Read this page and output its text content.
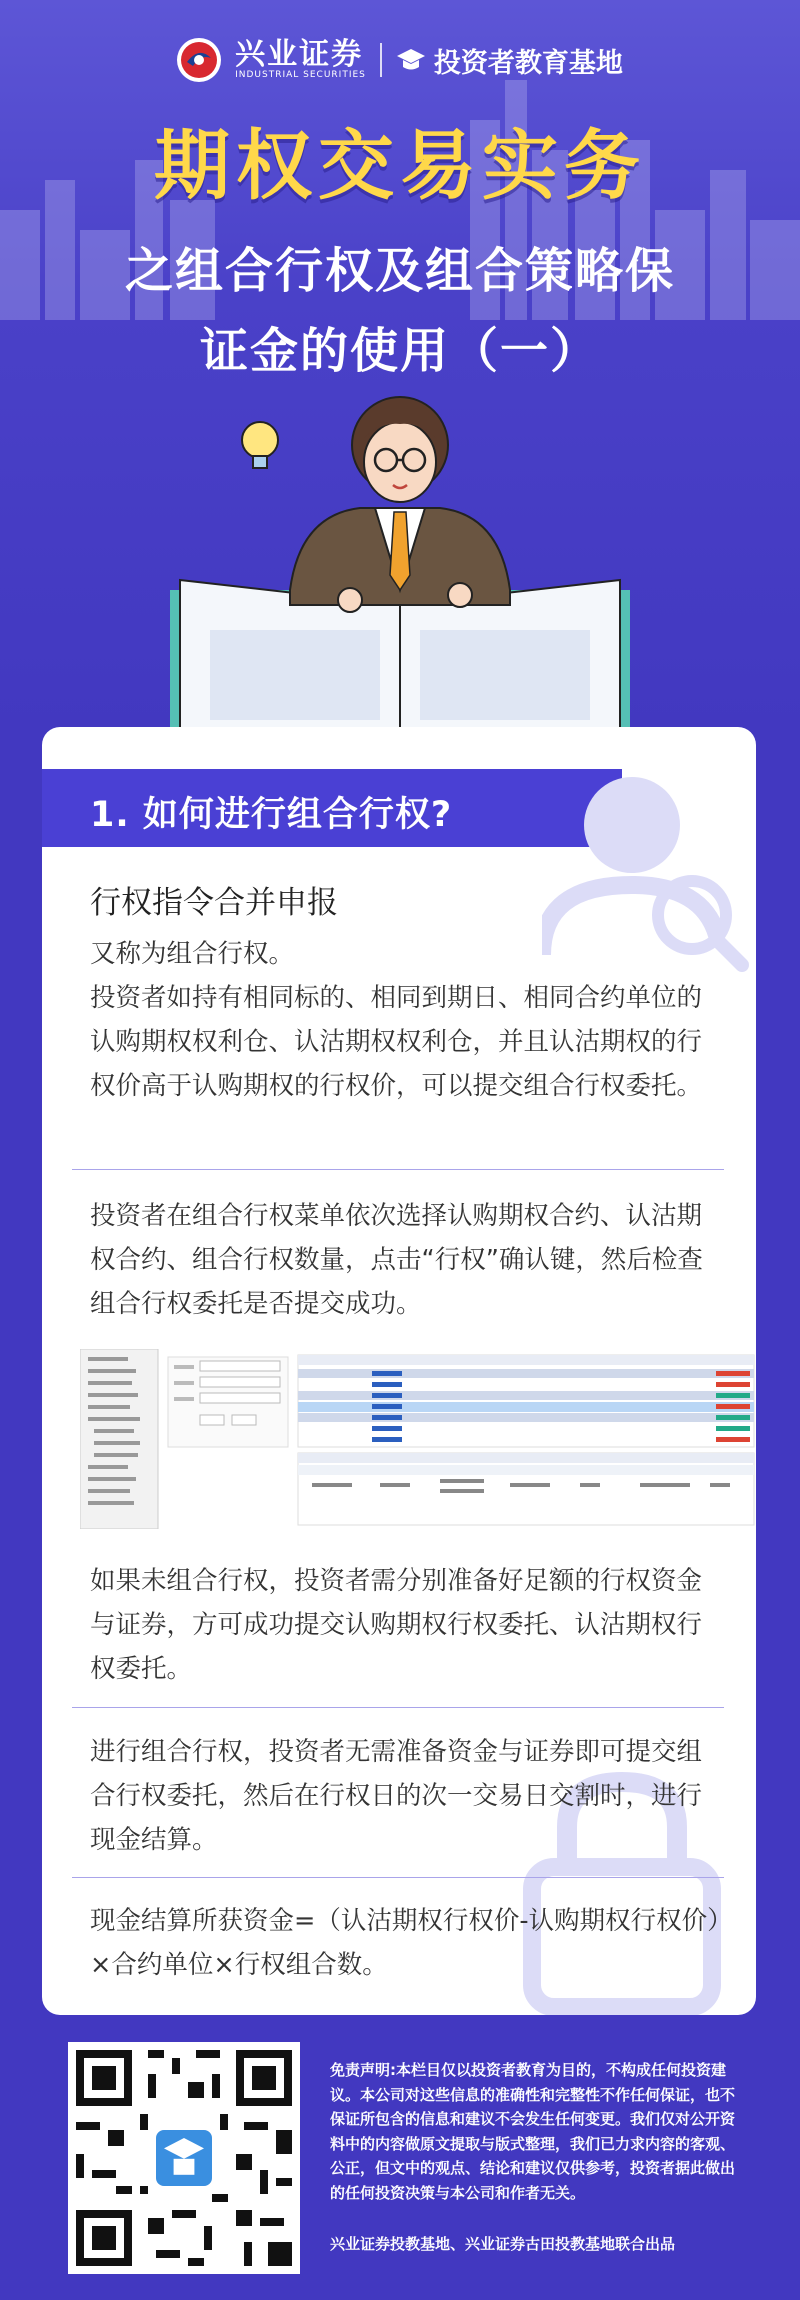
兴业证券
INDUSTRIAL SECURITIES	投资者教育基地
期权交易实务
之组合行权及组合策略保
证金的使用（一）
1. 如何进行组合行权?
行权指令合并申报
又称为组合行权。
投资者如持有相同标的、相同到期日、相同合约单位的认购期权权利仓、认沽期权权利仓，并且认沽期权的行权价高于认购期权的行权价，可以提交组合行权委托。
投资者在组合行权菜单依次选择认购期权合约、认沽期权合约、组合行权数量，点击“行权”确认键，然后检查组合行权委托是否提交成功。
如果未组合行权，投资者需分别准备好足额的行权资金与证券，方可成功提交认购期权行权委托、认沽期权行权委托。
进行组合行权，投资者无需准备资金与证券即可提交组合行权委托，然后在行权日的次一交易日交割时，进行现金结算。
现金结算所获资金=（认沽期权行权价-认购期权行权价）×合约单位×行权组合数。
免责声明:本栏目仅以投资者教育为目的，不构成任何投资建议。本公司对这些信息的准确性和完整性不作任何保证，也不保证所包含的信息和建议不会发生任何变更。我们仅对公开资料中的内容做原文提取与版式整理，我们已力求内容的客观、公正，但文中的观点、结论和建议仅供参考，投资者据此做出的任何投资决策与本公司和作者无关。
兴业证券投教基地、兴业证券古田投教基地联合出品
